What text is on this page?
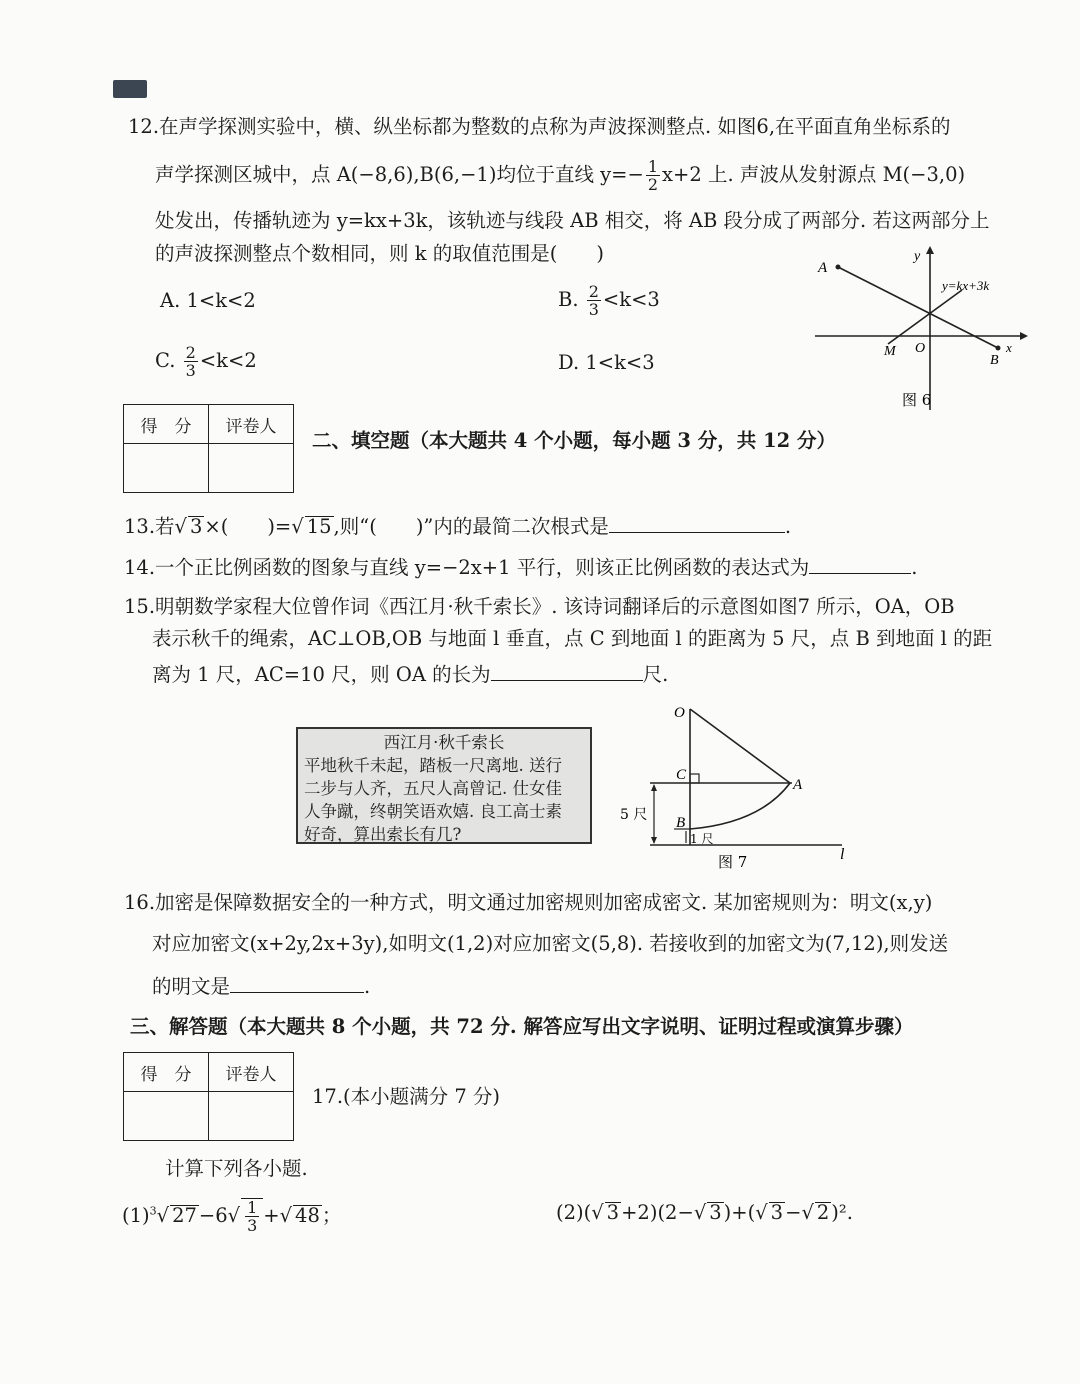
12.在声学探测实验中，横、纵坐标都为整数的点称为声波探测整点. 如图6,在平面直角坐标系的
声学探测区城中，点 A(−8,6),B(6,−1)均位于直线 $y=- \frac{1}{2} x+2$ 上. 声波从发射源点 M(−3,0)
处发出，传播轨迹为 y=kx+3k，该轨迹与线段 AB 相交，将 AB 段分成了两部分. 若这两部分上
的声波探测整点个数相同，则 k 的取值范围是(　　)
A. 1<k<2	B. $\frac{2}{3} <k<3$
C. $\frac{2}{3} <k<2$	D. 1<k<3
A
y
y=kx+3k
M O
B
x
图 6
得　分	评卷人

二、填空题（本大题共 4 个小题，每小题 3 分，共 12 分）
13.若√ 3 ×(　　)=√ 15 ,则“(　　)”内的最简二次根式是	.
14.一个正比例函数的图象与直线 y=−2x+1 平行，则该正比例函数的表达式为	.
15.明朝数学家程大位曾作词《西江月·秋千索长》. 该诗词翻译后的示意图如图7 所示，OA，OB
表示秋千的绳索，AC⊥OB,OB 与地面 l 垂直，点 C 到地面 l 的距离为 5 尺，点 B 到地面 l 的距
离为 1 尺，AC=10 尺，则 OA 的长为	尺.
西江月·秋千索长
平地秋千未起，踏板一尺离地. 送行
二步与人齐，五尺人高曾记. 仕女佳
人争蹴，终朝笑语欢嬉. 良工高士素
好奇，算出索长有几?
O
C
A
B
5 尺
1 尺
l
图 7
16.加密是保障数据安全的一种方式，明文通过加密规则加密成密文. 某加密规则为：明文(x,y)
对应加密文(x+2y,2x+3y),如明文(1,2)对应加密文(5,8). 若接收到的加密文为(7,12),则发送
的明文是	.
三、解答题（本大题共 8 个小题，共 72 分. 解答应写出文字说明、证明过程或演算步骤）
得　分	评卷人

17.(本小题满分 7 分)
计算下列各小题.
$(1)^3√$ $27 -6√ \frac{1}{3}$ +√ 48 ；	(2)(√ 3 +2)(2−√ 3 )+(√ 3 −√ 2 )².
